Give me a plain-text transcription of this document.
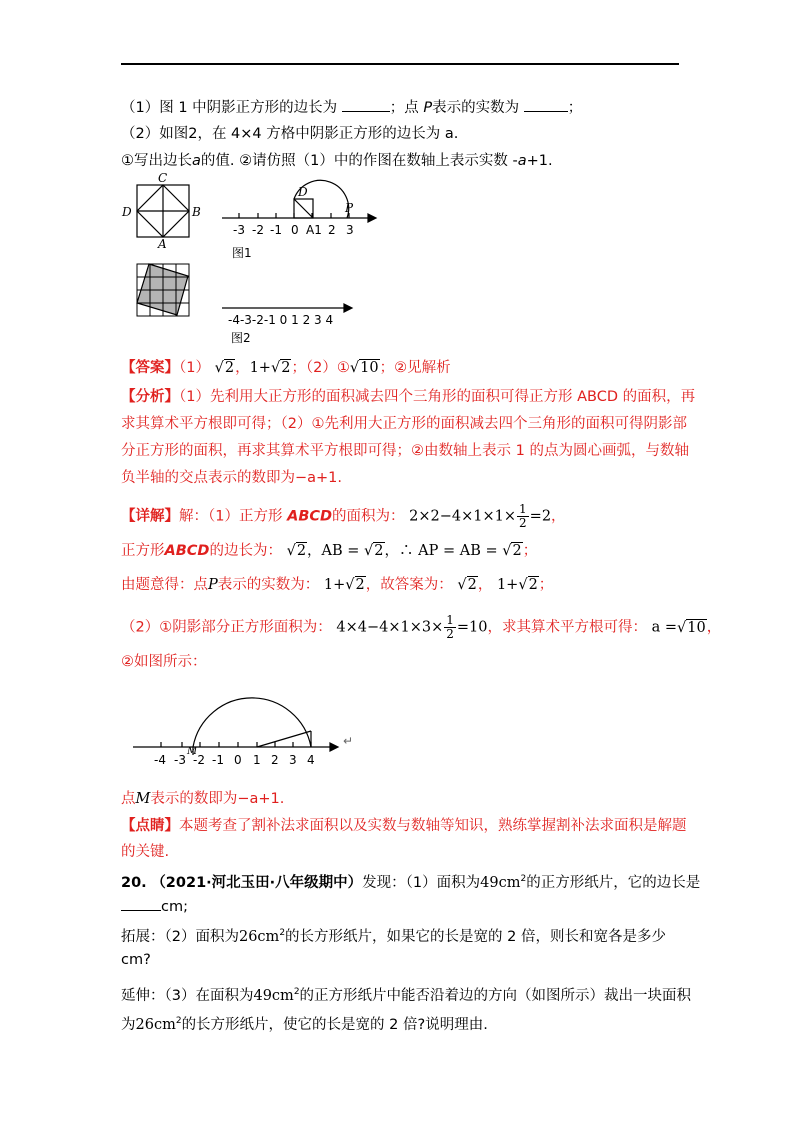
（1）图 1 中阴影正方形的边长为	；点 P表示的实数为	；
（2）如图2，在 4×4 方格中阴影正方形的边长为 a.
①写出边长a的值. ②请仿照（1）中的作图在数轴上表示实数 -a+1.
C
D	B
A
D
P
-3 -2 -1 0 A1 2 3
图1
-4-3-2-1 0 1 2 3 4
图2
【答案】（1） √2，1+√2；（2）①√10；②见解析
【分析】（1）先利用大正方形的面积减去四个三角形的面积可得正方形 ABCD 的面积，再
求其算术平方根即可得；（2）①先利用大正方形的面积减去四个三角形的面积可得阴影部
分正方形的面积，再求其算术平方根即可得；②由数轴上表示 1 的点为圆心画弧，与数轴
负半轴的交点表示的数即为−a+1.
【详解】解：（1）正方形 ABCD的面积为： $2\times 2-4\times 1\times 1\times \frac{1}{2} =2$，
正方形ABCD的边长为： √2，AB = √2，∴ AP = AB = √2；
由题意得：点P表示的实数为： 1+√2，故答案为： √2， 1+√2；
（2）①阴影部分正方形面积为： $4\times 4-4\times 1\times 3\times \frac{1}{2} =10$，求其算术平方根可得： a =√10，
②如图所示：
M
-4 -3 -2 -1 0 1 2 3 4
↵
点M表示的数即为−a+1.
【点睛】本题考查了割补法求面积以及实数与数轴等知识，熟练掌握割补法求面积是解题
的关键.
20. （2021·河北玉田·八年级期中）发现：（1）面积为$49cm^2$的正方形纸片，它的边长是
cm;
拓展：（2）面积为$26cm^2$的长方形纸片，如果它的长是宽的 2 倍，则长和宽各是多少
cm?
延伸：（3）在面积为$49cm^2$的正方形纸片中能否沿着边的方向（如图所示）裁出一块面积
为$26cm^2$的长方形纸片，使它的长是宽的 2 倍?说明理由.
